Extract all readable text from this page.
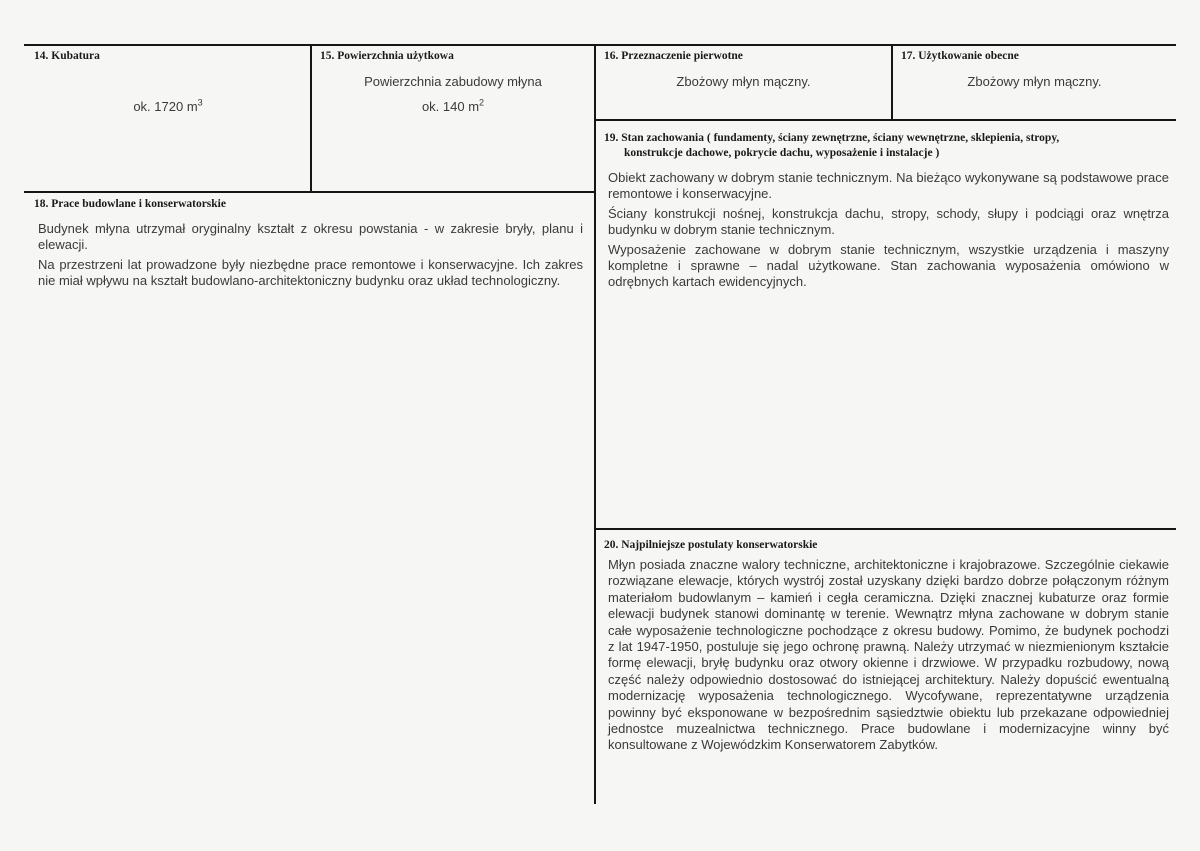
14. Kubatura
ok. 1720 $m^3$
15. Powierzchnia użytkowa
Powierzchnia zabudowy młyna
ok. 140 $m^2$
16. Przeznaczenie pierwotne
Zbożowy młyn mączny.
17. Użytkowanie obecne
Zbożowy młyn mączny.
18. Prace budowlane i konserwatorskie

Budynek młyna utrzymał oryginalny kształt z okresu powstania - w zakresie bryły, planu i elewacji.

Na przestrzeni lat prowadzone były niezbędne prace remontowe i konserwacyjne. Ich zakres nie miał wpływu na kształt budowlano-architektoniczny budynku oraz układ technologiczny.

19. Stan zachowania ( fundamenty, ściany zewnętrzne, ściany wewnętrzne, sklepienia, stropy,
konstrukcje dachowe, pokrycie dachu, wyposażenie i instalacje )

Obiekt zachowany w dobrym stanie technicznym. Na bieżąco wykonywane są podstawowe prace remontowe i konserwacyjne.

Ściany konstrukcji nośnej, konstrukcja dachu, stropy, schody, słupy i podciągi oraz wnętrza budynku w dobrym stanie technicznym.

Wyposażenie zachowane w dobrym stanie technicznym, wszystkie urządzenia i maszyny kompletne i sprawne – nadal użytkowane. Stan zachowania wyposażenia omówiono w odrębnych kartach ewidencyjnych.

20. Najpilniejsze postulaty konserwatorskie

Młyn posiada znaczne walory techniczne, architektoniczne i krajobrazowe. Szczególnie ciekawie rozwiązane elewacje, których wystrój został uzyskany dzięki bardzo dobrze połączonym różnym materiałom budowlanym – kamień i cegła ceramiczna. Dzięki znacznej kubaturze oraz formie elewacji budynek stanowi dominantę w terenie. Wewnątrz młyna zachowane w dobrym stanie całe wyposażenie technologiczne pochodzące z okresu budowy. Pomimo, że budynek pochodzi z lat 1947-1950, postuluje się jego ochronę prawną. Należy utrzymać w niezmienionym kształcie formę elewacji, bryłę budynku oraz otwory okienne i drzwiowe. W przypadku rozbudowy, nową część należy odpowiednio dostosować do istniejącej architektury. Należy dopuścić ewentualną modernizację wyposażenia technologicznego. Wycofywane, reprezentatywne urządzenia powinny być eksponowane w bezpośrednim sąsiedztwie obiektu lub przekazane odpowiedniej jednostce muzealnictwa technicznego. Prace budowlane i modernizacyjne winny być konsultowane z Wojewódzkim Konserwatorem Zabytków.
